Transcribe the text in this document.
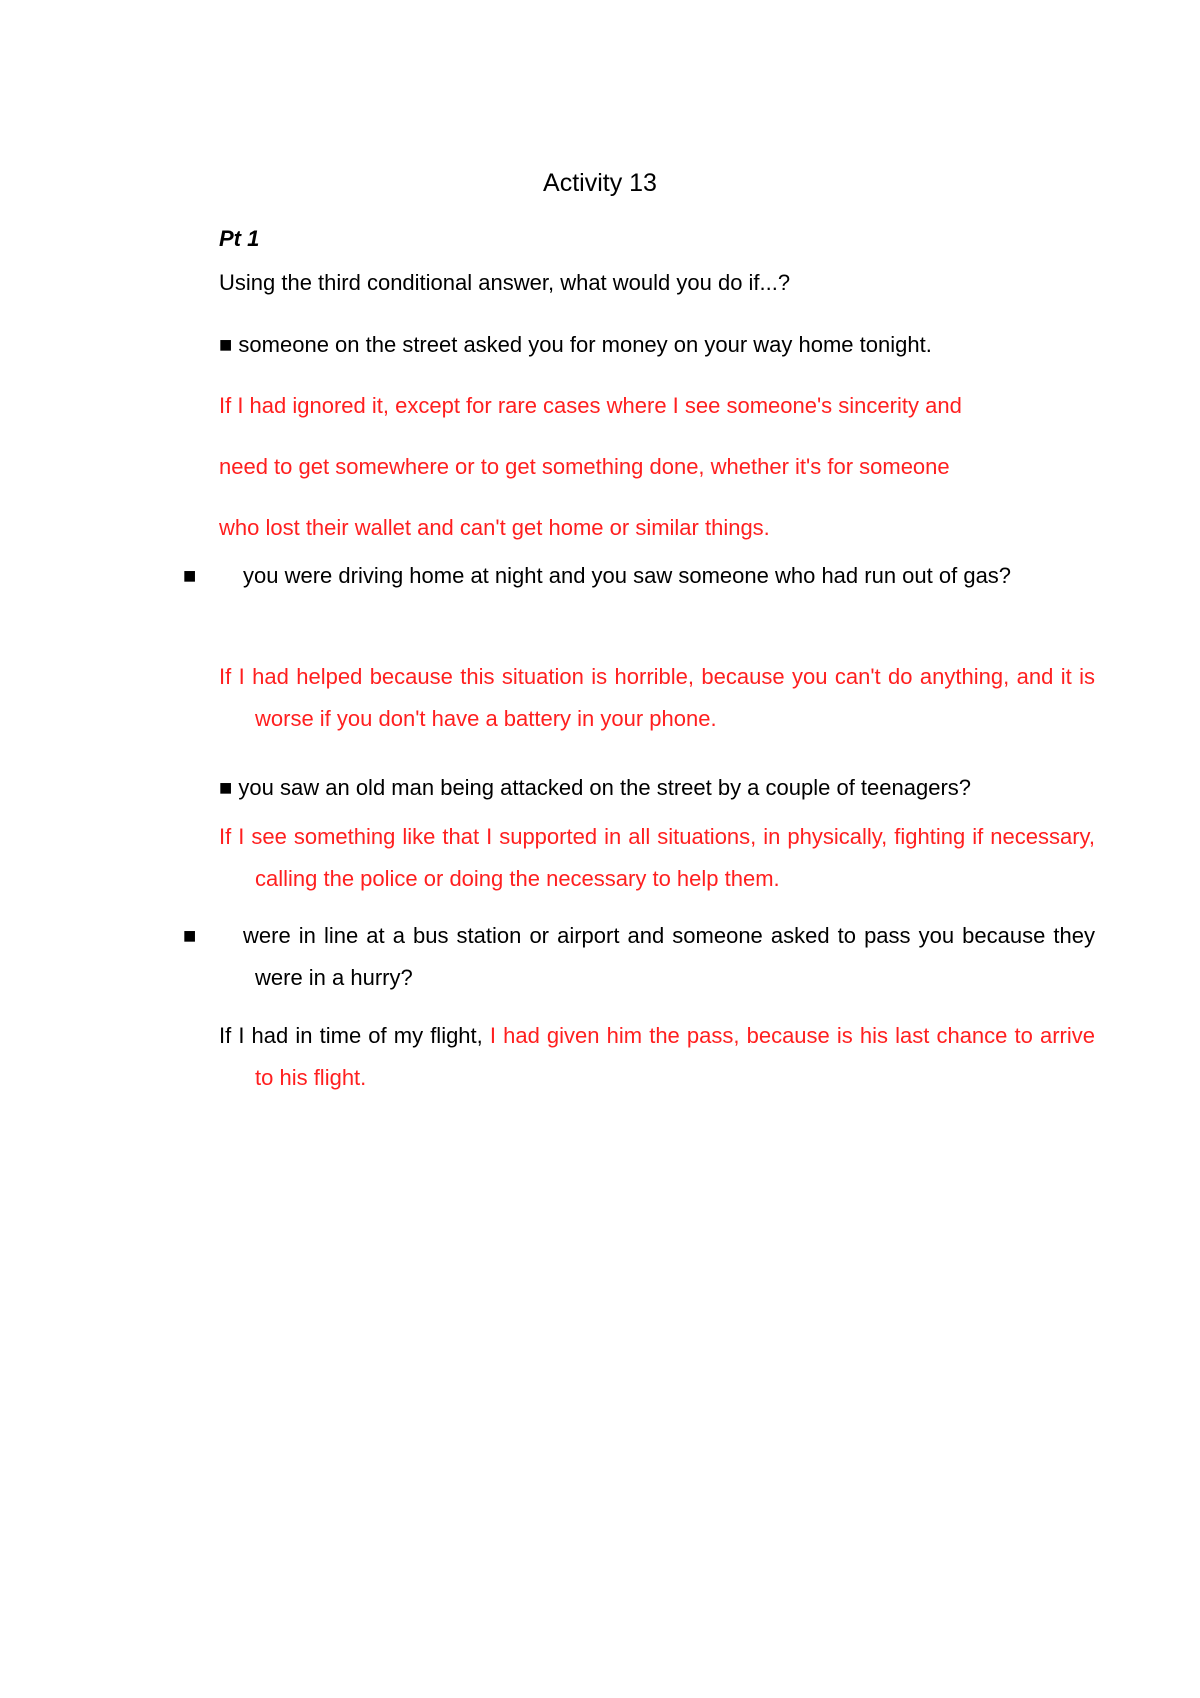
Activity 13

Pt 1

Using the third conditional answer, what would you do if...?

■ someone on the street asked you for money on your way home tonight.

If I had ignored it, except for rare cases where I see someone's sincerity and

need to get somewhere or to get something done, whether it's for someone

who lost their wallet and can't get home or similar things.

■ you were driving home at night and you saw someone who had run out of gas?

If I had helped because this situation is horrible, because you can't do anything, and it is worse if you don't have a battery in your phone.

■ you saw an old man being attacked on the street by a couple of teenagers?

If I see something like that I supported in all situations, in physically, fighting if necessary, calling the police or doing the necessary to help them.

■ were in line at a bus station or airport and someone asked to pass you because they were in a hurry?

If I had in time of my flight, I had given him the pass, because is his last chance to arrive to his flight.
